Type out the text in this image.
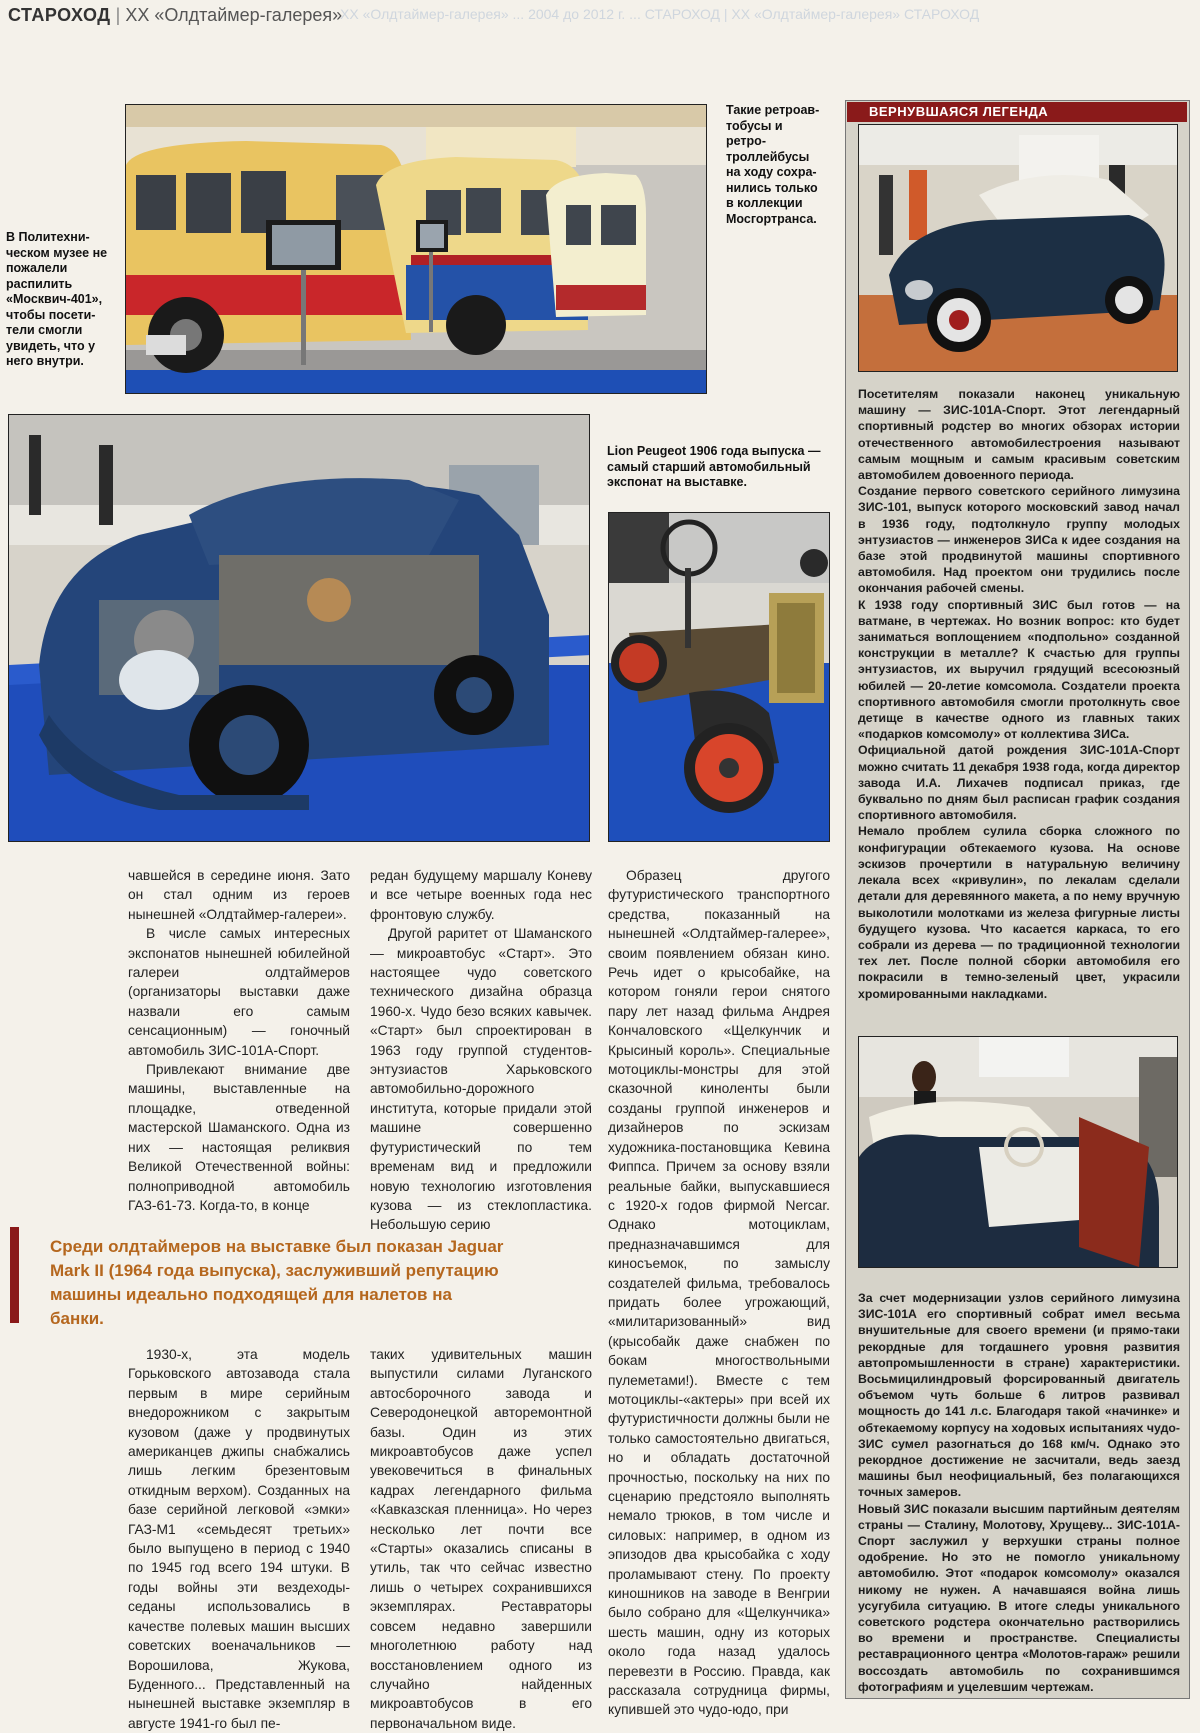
СТАРОХОД | XX «Олдтаймер-галерея»
ХХ «Олдтаймер-галерея» ... 2004 до 2012 г. ... СТАРОХОД | ХХ «Олдтаймер-галерея» СТАРОХОД
Такие ретроав-тобусы и ретро-троллейбусы на ходу сохра-нились только в коллекции Мосгортранса.
В Политехни-ческом музее не пожалели распилить «Москвич-401», чтобы посети-тели смогли увидеть, что у него внутри.
Lion Peugeot 1906 года выпуска — самый старший автомобильный экспонат на выставке.

чавшейся в середине июня. Зато он стал одним из героев нынешней «Олдтаймер-галереи».

В числе самых интересных экспонатов нынешней юбилейной галереи олдтаймеров (организаторы выставки даже назвали его самым сенсационным) — гоночный автомобиль ЗИС-101А-Спорт.

Привлекают внимание две машины, выставленные на площадке, отведенной мастерской Шаманского. Одна из них — настоящая реликвия Великой Отечественной войны: полноприводной автомобиль ГАЗ-61-73. Когда-то, в конце

редан будущему маршалу Коневу и все четыре военных года нес фронтовую службу.

Другой раритет от Шаманского — микроавтобус «Старт». Это настоящее чудо советского технического дизайна образца 1960-х. Чудо безо всяких кавычек. «Старт» был спроектирован в 1963 году группой студентов-энтузиастов Харьковского автомобильно-дорожного института, которые придали этой машине совершенно футуристический по тем временам вид и предложили новую технологию изготовления кузова — из стеклопластика. Небольшую серию

Образец другого футуристического транспортного средства, показанный на нынешней «Олдтаймер-галерее», своим появлением обязан кино. Речь идет о крысобайке, на котором гоняли герои снятого пару лет назад фильма Андрея Кончаловского «Щелкунчик и Крысиный король». Специальные мотоциклы-монстры для этой сказочной киноленты были созданы группой инженеров и дизайнеров по эскизам художника-постановщика Кевина Фиппса. Причем за основу взяли реальные байки, выпускавшиеся с 1920-х годов фирмой Nercar. Однако мотоциклам, предназначавшимся для киносъемок, по замыслу создателей фильма, требовалось придать более угрожающий, «милитаризованный» вид (крысобайк даже снабжен по бокам многоствольными пулеметами!). Вместе с тем мотоциклы-«актеры» при всей их футуристичности должны были не только самостоятельно двигаться, но и обладать достаточной прочностью, поскольку на них по сценарию предстояло выполнять немало трюков, в том числе и силовых: например, в одном из эпизодов два крысобайка с ходу проламывают стену. По проекту киношников на заводе в Венгрии было собрано для «Щелкунчика» шесть машин, одну из которых около года назад удалось перевезти в Россию. Правда, как рассказала сотрудница фирмы, купившей это чудо-юдо, при

Среди олдтаймеров на выставке был показан Jaguar Mark II (1964 года выпуска), заслуживший репутацию машины идеально подходящей для налетов на банки.

1930-х, эта модель Горьковского автозавода стала первым в мире серийным внедорожником с закрытым кузовом (даже у продвинутых американцев джипы снабжались лишь легким брезентовым откидным верхом). Созданных на базе серийной легковой «эмки» ГАЗ-М1 «семьдесят третьих» было выпущено в период с 1940 по 1945 год всего 194 штуки. В годы войны эти вездеходы-седаны использовались в качестве полевых машин высших советских военачальников — Ворошилова, Жукова, Буденного... Представленный на нынешней выставке экземпляр в августе 1941-го был пе-

таких удивительных машин выпустили силами Луганского автосборочного завода и Северодонецкой авторемонтной базы. Один из этих микроавтобусов даже успел увековечиться в финальных кадрах легендарного фильма «Кавказская пленница». Но через несколько лет почти все «Старты» оказались списаны в утиль, так что сейчас известно лишь о четырех сохранившихся экземплярах. Реставраторы совсем недавно завершили многолетнюю работу над восстановлением одного из случайно найденных микроавтобусов в его первоначальном виде.

ВЕРНУВШАЯСЯ ЛЕГЕНДА

Посетителям показали наконец уникальную машину — ЗИС-101А-Спорт. Этот легендарный спортивный родстер во многих обзорах истории отечественного автомобилестроения называют самым мощным и самым красивым советским автомобилем довоенного периода.

Создание первого советского серийного лимузина ЗИС-101, выпуск которого московский завод начал в 1936 году, подтолкнуло группу молодых энтузиастов — инженеров ЗИСа к идее создания на базе этой продвинутой машины спортивного автомобиля. Над проектом они трудились после окончания рабочей смены.

К 1938 году спортивный ЗИС был готов — на ватмане, в чертежах. Но возник вопрос: кто будет заниматься воплощением «подпольно» созданной конструкции в металле? К счастью для группы энтузиастов, их выручил грядущий всесоюзный юбилей — 20-летие комсомола. Создатели проекта спортивного автомобиля смогли протолкнуть свое детище в качестве одного из главных таких «подарков комсомолу» от коллектива ЗИСа.

Официальной датой рождения ЗИС-101А-Спорт можно считать 11 декабря 1938 года, когда директор завода И.А. Лихачев подписал приказ, где буквально по дням был расписан график создания спортивного автомобиля.

Немало проблем сулила сборка сложного по конфигурации обтекаемого кузова. На основе эскизов прочертили в натуральную величину лекала всех «кривулин», по лекалам сделали детали для деревянного макета, а по нему вручную выколотили молотками из железа фигурные листы будущего кузова. Что касается каркаса, то его собрали из дерева — по традиционной технологии тех лет. После полной сборки автомобиля его покрасили в темно-зеленый цвет, украсили хромированными накладками.

За счет модернизации узлов серийного лимузина ЗИС-101А его спортивный собрат имел весьма внушительные для своего времени (и прямо-таки рекордные для тогдашнего уровня развития автопромышленности в стране) характеристики. Восьмицилиндровый форсированный двигатель объемом чуть больше 6 литров развивал мощность до 141 л.с. Благодаря такой «начинке» и обтекаемому корпусу на ходовых испытаниях чудо-ЗИС сумел разогнаться до 168 км/ч. Однако это рекордное достижение не засчитали, ведь заезд машины был неофициальный, без полагающихся точных замеров.

Новый ЗИС показали высшим партийным деятелям страны — Сталину, Молотову, Хрущеву... ЗИС-101А-Спорт заслужил у верхушки страны полное одобрение. Но это не помогло уникальному автомобилю. Этот «подарок комсомолу» оказался никому не нужен. А начавшаяся война лишь усугубила ситуацию. В итоге следы уникального советского родстера окончательно растворились во времени и пространстве. Специалисты реставрационного центра «Молотов-гараж» решили воссоздать автомобиль по сохранившимся фотографиям и уцелевшим чертежам.
